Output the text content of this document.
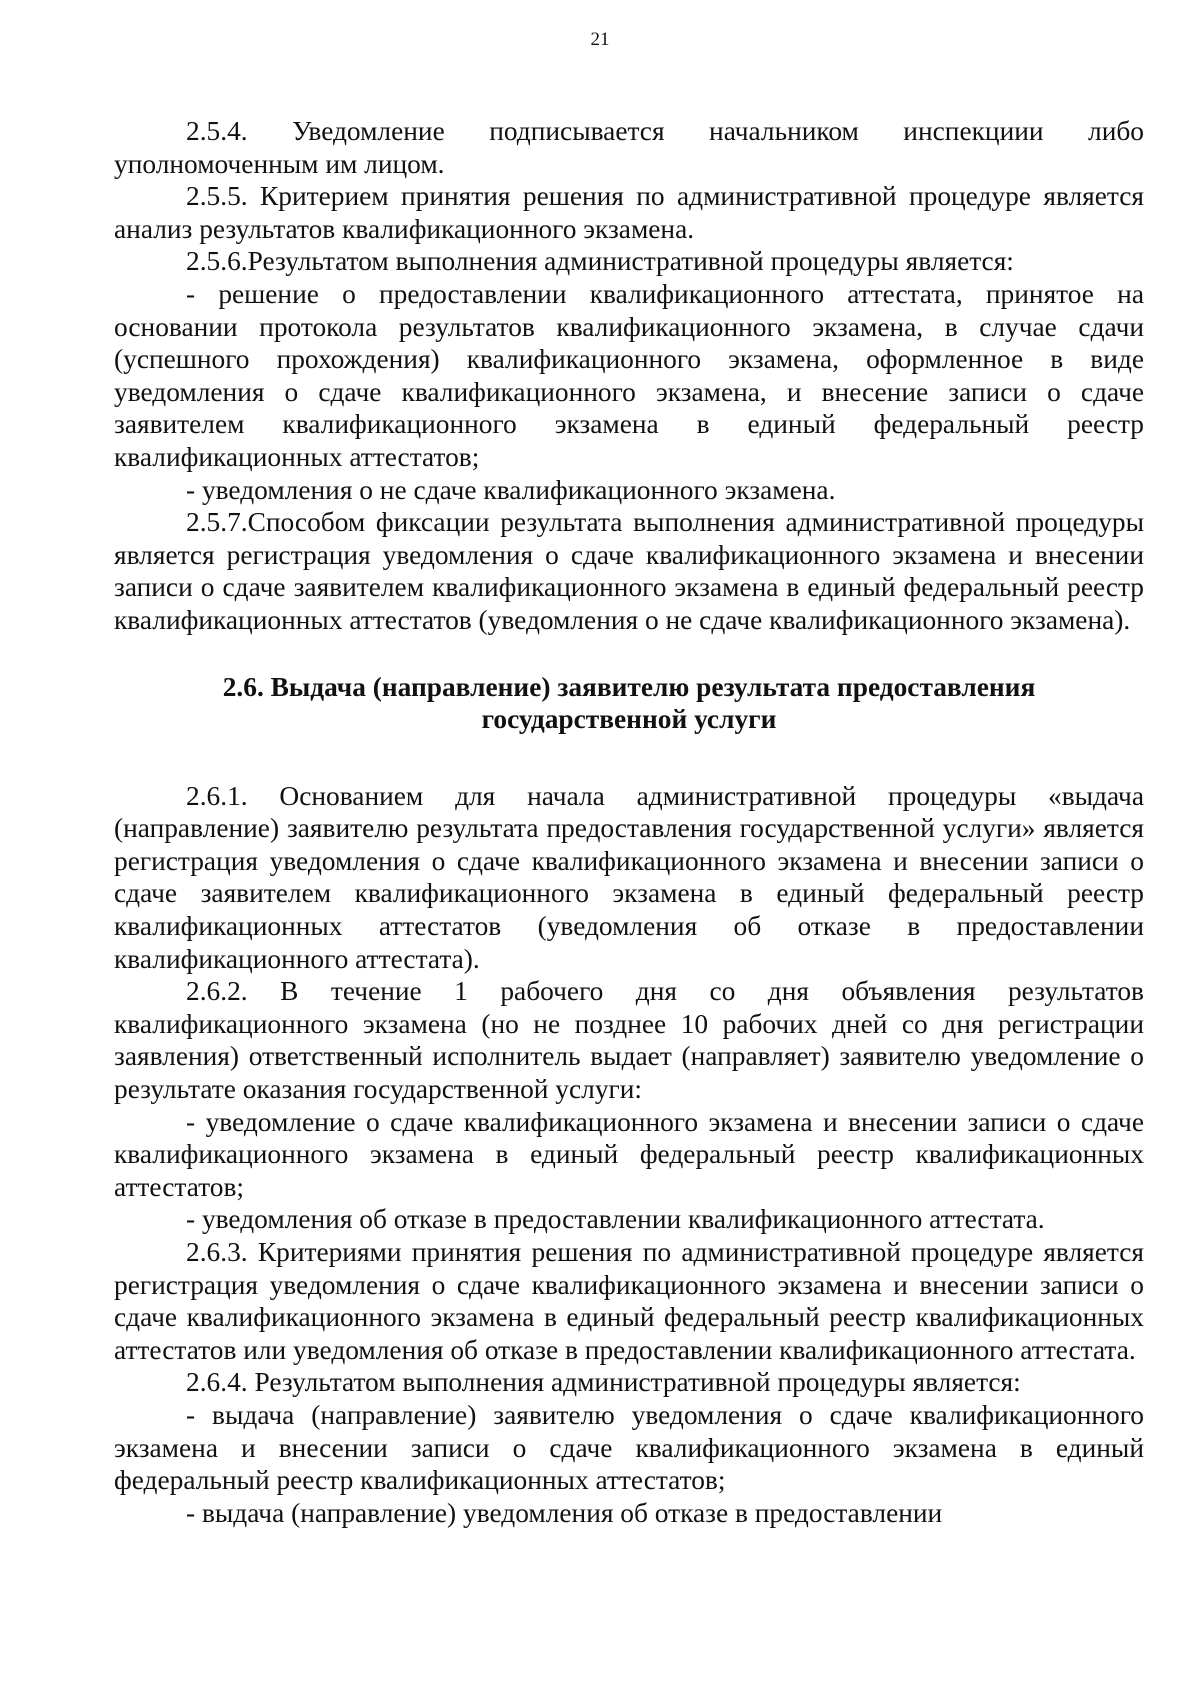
21

2.5.4. Уведомление подписывается начальником инспекциии либо уполномоченным им лицом.

2.5.5. Критерием принятия решения по административной процедуре является анализ результатов квалификационного экзамена.

2.5.6.Результатом выполнения административной процедуры является:

- решение о предоставлении квалификационного аттестата, принятое на основании протокола результатов квалификационного экзамена, в случае сдачи (успешного прохождения) квалификационного экзамена, оформленное в виде уведомления о сдаче квалификационного экзамена, и внесение записи о сдаче заявителем квалификационного экзамена в единый федеральный реестр квалификационных аттестатов;

- уведомления о не сдаче квалификационного экзамена.

2.5.7.Способом фиксации результата выполнения административной процедуры является регистрация уведомления о сдаче квалификационного экзамена и внесении записи о сдаче заявителем квалификационного экзамена в единый федеральный реестр квалификационных аттестатов (уведомления о не сдаче квалификационного экзамена).

2.6. Выдача (направление) заявителю результата предоставления

государственной услуги

2.6.1. Основанием для начала административной процедуры «выдача (направление) заявителю результата предоставления государственной услуги» является регистрация уведомления о сдаче квалификационного экзамена и внесении записи о сдаче заявителем квалификационного экзамена в единый федеральный реестр квалификационных аттестатов (уведомления об отказе в предоставлении квалификационного аттестата).

2.6.2. В течение 1 рабочего дня со дня объявления результатов квалификационного экзамена (но не позднее 10 рабочих дней со дня регистрации заявления) ответственный исполнитель выдает (направляет) заявителю уведомление о результате оказания государственной услуги:

- уведомление о сдаче квалификационного экзамена и внесении записи о сдаче квалификационного экзамена в единый федеральный реестр квалификационных аттестатов;

- уведомления об отказе в предоставлении квалификационного аттестата.

2.6.3. Критериями принятия решения по административной процедуре является регистрация уведомления о сдаче квалификационного экзамена и внесении записи о сдаче квалификационного экзамена в единый федеральный реестр квалификационных аттестатов или уведомления об отказе в предоставлении квалификационного аттестата.

2.6.4. Результатом выполнения административной процедуры является:

- выдача (направление) заявителю уведомления о сдаче квалификационного экзамена и внесении записи о сдаче квалификационного экзамена в единый федеральный реестр квалификационных аттестатов;

- выдача (направление) уведомления об отказе в предоставлении
